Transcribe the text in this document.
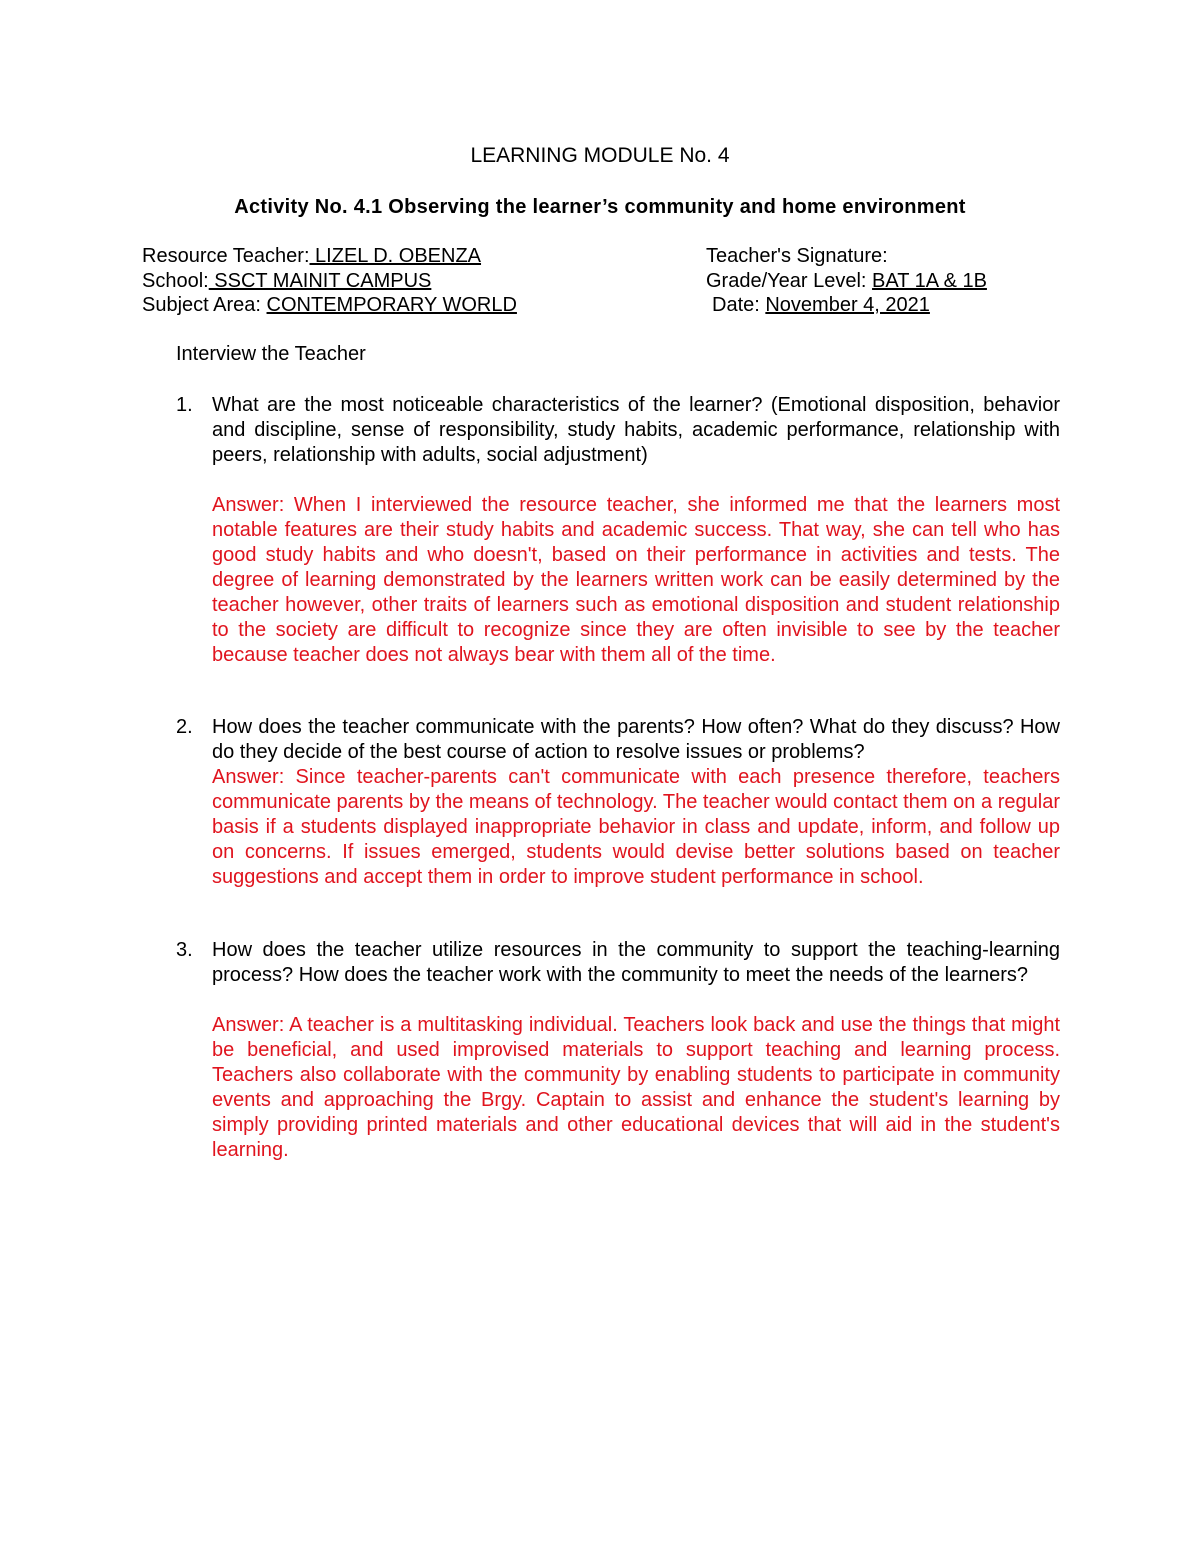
LEARNING MODULE No. 4
Activity No. 4.1 Observing the learner’s community and home environment
Resource Teacher: LIZEL D. OBENZA
School: SSCT MAINIT CAMPUS
Subject Area: CONTEMPORARY WORLD
Teacher's Signature:
Grade/Year Level: BAT 1A & 1B
Date: November 4, 2021
Interview the Teacher
1. What are the most noticeable characteristics of the learner? (Emotional disposition, behavior and discipline, sense of responsibility, study habits, academic performance, relationship with peers, relationship with adults, social adjustment)

Answer: When I interviewed the resource teacher, she informed me that the learners most notable features are their study habits and academic success. That way, she can tell who has good study habits and who doesn't, based on their performance in activities and tests. The degree of learning demonstrated by the learners written work can be easily determined by the teacher however, other traits of learners such as emotional disposition and student relationship to the society are difficult to recognize since they are often invisible to see by the teacher because teacher does not always bear with them all of the time.

2. How does the teacher communicate with the parents? How often? What do they discuss? How do they decide of the best course of action to resolve issues or problems?

Answer: Since teacher-parents can't communicate with each presence therefore, teachers communicate parents by the means of technology. The teacher would contact them on a regular basis if a students displayed inappropriate behavior in class and update, inform, and follow up on concerns. If issues emerged, students would devise better solutions based on teacher suggestions and accept them in order to improve student performance in school.

3. How does the teacher utilize resources in the community to support the teaching-learning process? How does the teacher work with the community to meet the needs of the learners?

Answer: A teacher is a multitasking individual. Teachers look back and use the things that might be beneficial, and used improvised materials to support teaching and learning process. Teachers also collaborate with the community by enabling students to participate in community events and approaching the Brgy. Captain to assist and enhance the student's learning by simply providing printed materials and other educational devices that will aid in the student's learning.
